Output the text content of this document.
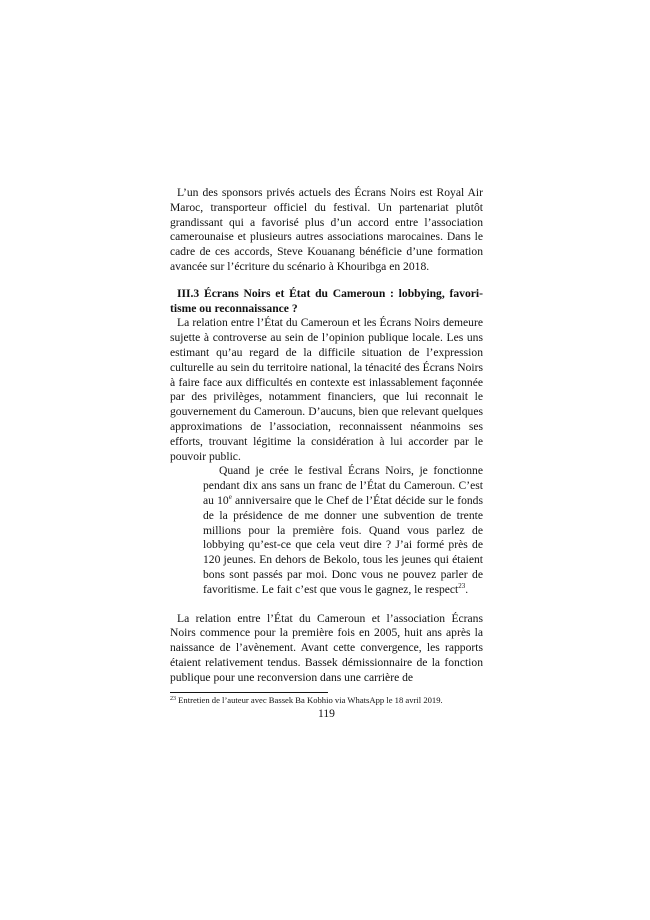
L’un des sponsors privés actuels des Écrans Noirs est Royal Air Maroc, transporteur officiel du festival. Un partenariat plutôt grandissant qui a favorisé plus d’un accord entre l’association camerounaise et plusieurs autres associations marocaines. Dans le cadre de ces accords, Steve Kouanang bénéficie d’une formation avancée sur l’écriture du scénario à Khouribga en 2018.

III.3 Écrans Noirs et État du Cameroun : lobbying, favoritisme ou reconnaissance ?

La relation entre l’État du Cameroun et les Écrans Noirs demeure sujette à controverse au sein de l’opinion publique locale. Les uns estimant qu’au regard de la difficile situation de l’expression culturelle au sein du territoire national, la ténacité des Écrans Noirs à faire face aux difficultés en contexte est inlassablement façonnée par des privilèges, notamment financiers, que lui reconnait le gouvernement du Cameroun. D’aucuns, bien que relevant quelques approximations de l’association, reconnaissent néanmoins ses efforts, trouvant légitime la considération à lui accorder par le pouvoir public.

Quand je crée le festival Écrans Noirs, je fonctionne pendant dix ans sans un franc de l’État du Cameroun. C’est au 10e anniversaire que le Chef de l’État décide sur le fonds de la présidence de me donner une subvention de trente millions pour la première fois. Quand vous parlez de lobbying qu’est-ce que cela veut dire ? J’ai formé près de 120 jeunes. En dehors de Bekolo, tous les jeunes qui étaient bons sont passés par moi. Donc vous ne pouvez parler de favoritisme. Le fait c’est que vous le gagnez, le respect$^{23}$.

La relation entre l’État du Cameroun et l’association Écrans Noirs commence pour la première fois en 2005, huit ans après la naissance de l’avènement. Avant cette convergence, les rapports étaient relativement tendus. Bassek démissionnaire de la fonction publique pour une reconversion dans une carrière de

$^{23}$ Entretien de l’auteur avec Bassek Ba Kobhio via WhatsApp le 18 avril 2019.

119
